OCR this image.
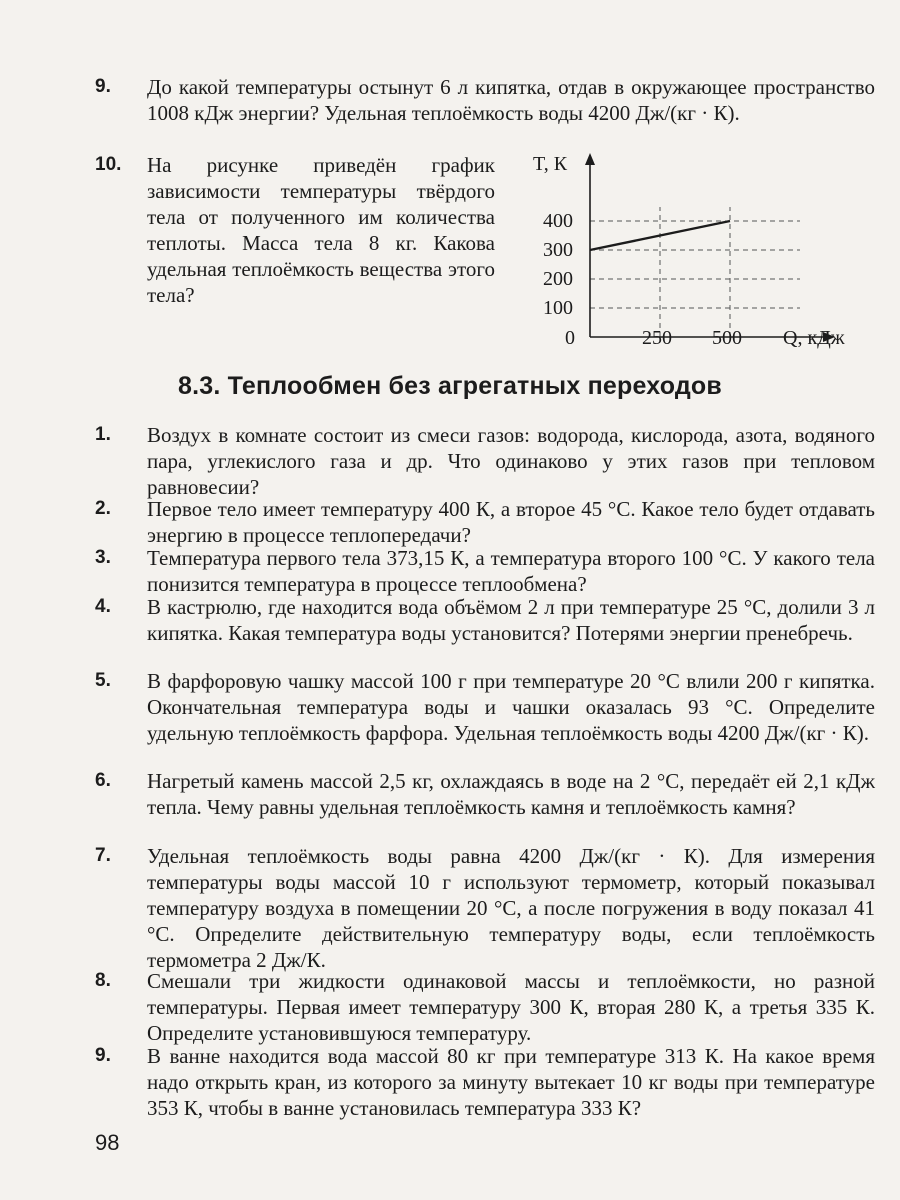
9. До какой температуры остынут 6 л кипятка, отдав в окружающее пространство 1008 кДж энергии? Удельная теплоёмкость воды 4200 Дж/(кг · К).
10. На рисунке приведён график зависимости температуры твёрдого тела от полученного им количества теплоты. Масса тела 8 кг. Какова удельная теплоёмкость вещества этого тела?
T, К
Q, кДж
0
100
200
300
400
250 500
8.3. Теплообмен без агрегатных переходов
1. Воздух в комнате состоит из смеси газов: водорода, кислорода, азота, водяного пара, углекислого газа и др. Что одинаково у этих газов при тепловом равновесии?
2. Первое тело имеет температуру 400 К, а второе 45 °С. Какое тело будет отдавать энергию в процессе теплопередачи?
3. Температура первого тела 373,15 К, а температура второго 100 °С. У какого тела понизится температура в процессе теплообмена?
4. В кастрюлю, где находится вода объёмом 2 л при температуре 25 °С, долили 3 л кипятка. Какая температура воды установится? Потерями энергии пренебречь.
5. В фарфоровую чашку массой 100 г при температуре 20 °С влили 200 г кипятка. Окончательная температура воды и чашки оказалась 93 °С. Определите удельную теплоёмкость фарфора. Удельная теплоёмкость воды 4200 Дж/(кг · К).
6. Нагретый камень массой 2,5 кг, охлаждаясь в воде на 2 °С, передаёт ей 2,1 кДж тепла. Чему равны удельная теплоёмкость камня и теплоёмкость камня?
7. Удельная теплоёмкость воды равна 4200 Дж/(кг · К). Для измерения температуры воды массой 10 г используют термометр, который показывал температуру воздуха в помещении 20 °С, а после погружения в воду показал 41 °С. Определите действительную температуру воды, если теплоёмкость термометра 2 Дж/К.
8. Смешали три жидкости одинаковой массы и теплоёмкости, но разной температуры. Первая имеет температуру 300 К, вторая 280 К, а третья 335 К. Определите установившуюся температуру.
9. В ванне находится вода массой 80 кг при температуре 313 К. На какое время надо открыть кран, из которого за минуту вытекает 10 кг воды при температуре 353 К, чтобы в ванне установилась температура 333 К?
98
